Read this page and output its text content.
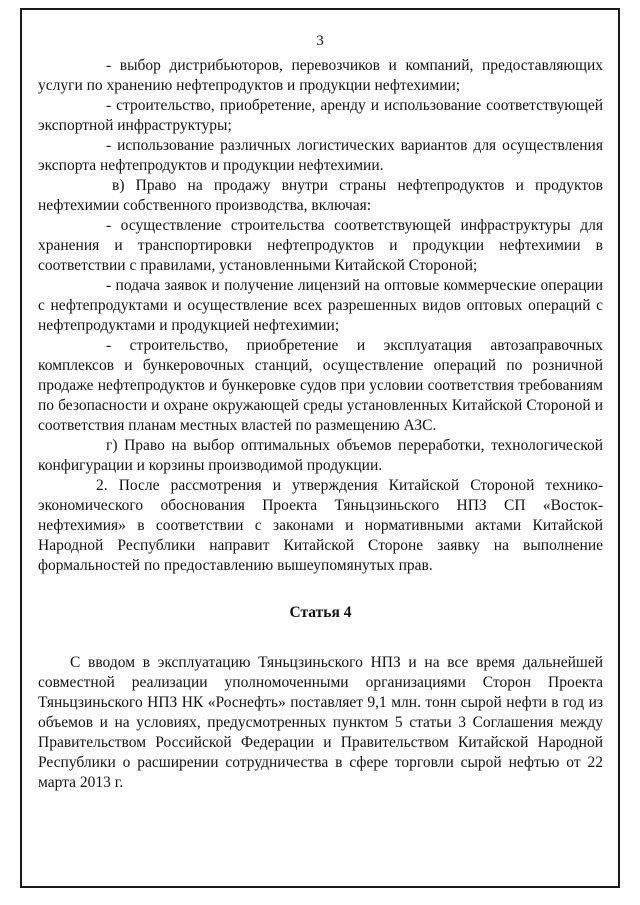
3

- выбор дистрибьюторов, перевозчиков и компаний, предоставляющих услуги по хранению нефтепродуктов и продукции нефтехимии;

- строительство, приобретение, аренду и использование соответствующей экспортной инфраструктуры;

- использование различных логистических вариантов для осуществления экспорта нефтепродуктов и продукции нефтехимии.

в) Право на продажу внутри страны нефтепродуктов и продуктов нефтехимии собственного производства, включая:

- осуществление строительства соответствующей инфраструктуры для хранения и транспортировки нефтепродуктов и продукции нефтехимии в соответствии с правилами, установленными Китайской Стороной;

- подача заявок и получение лицензий на оптовые коммерческие операции с нефтепродуктами и осуществление всех разрешенных видов оптовых операций с нефтепродуктами и продукцией нефтехимии;

- строительство, приобретение и эксплуатация автозаправочных комплексов и бункеровочных станций, осуществление операций по розничной продаже нефтепродуктов и бункеровке судов при условии соответствия требованиям по безопасности и охране окружающей среды установленных Китайской Стороной и соответствия планам местных властей по размещению АЗС.

г) Право на выбор оптимальных объемов переработки, технологической конфигурации и корзины производимой продукции.

2. После рассмотрения и утверждения Китайской Стороной технико-экономического обоснования Проекта Тяньцзиньского НПЗ СП «Восток-нефтехимия» в соответствии с законами и нормативными актами Китайской Народной Республики направит Китайской Стороне заявку на выполнение формальностей по предоставлению вышеупомянутых прав.

Статья 4

С вводом в эксплуатацию Тяньцзиньского НПЗ и на все время дальнейшей совместной реализации уполномоченными организациями Сторон Проекта Тяньцзиньского НПЗ НК «Роснефть» поставляет 9,1 млн. тонн сырой нефти в год из объемов и на условиях, предусмотренных пунктом 5 статьи 3 Соглашения между Правительством Российской Федерации и Правительством Китайской Народной Республики о расширении сотрудничества в сфере торговли сырой нефтью от 22 марта 2013 г.
